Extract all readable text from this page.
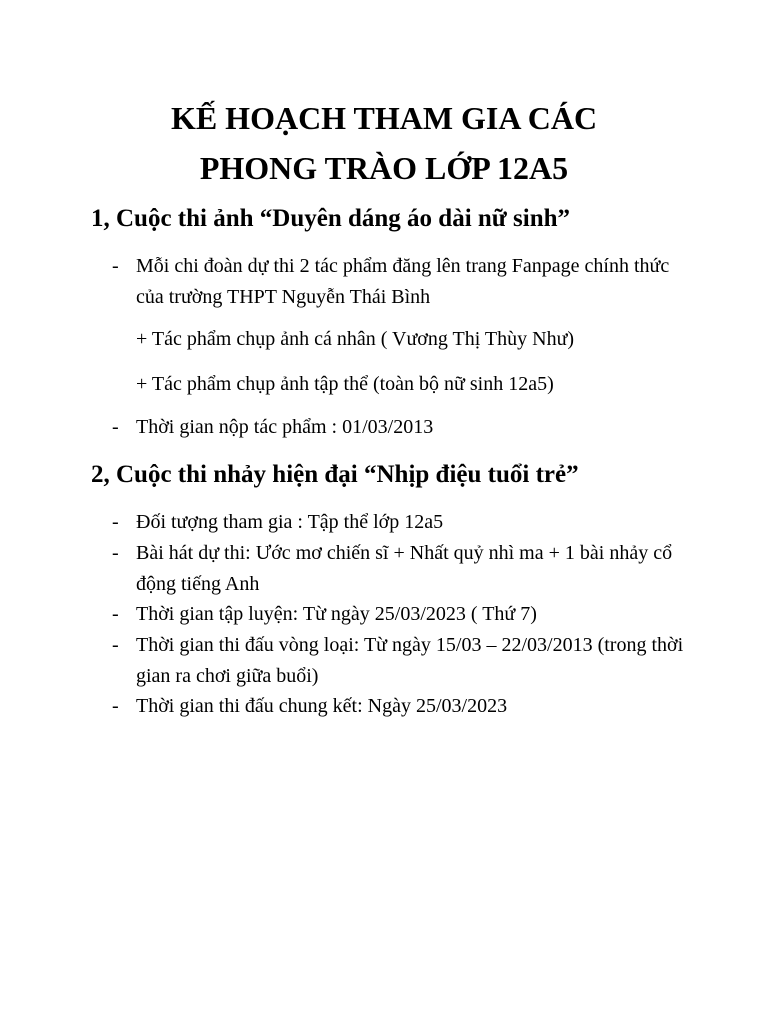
KẾ HOẠCH THAM GIA CÁC
PHONG TRÀO LỚP 12A5
1, Cuộc thi ảnh “Duyên dáng áo dài nữ sinh”
- Mỗi chi đoàn dự thi 2 tác phẩm đăng lên trang Fanpage chính thức của trường THPT Nguyễn Thái Bình
+ Tác phẩm chụp ảnh cá nhân ( Vương Thị Thùy Như)
+ Tác phẩm chụp ảnh tập thể (toàn bộ nữ sinh 12a5)
- Thời gian nộp tác phẩm : 01/03/2013
2, Cuộc thi nhảy hiện đại “Nhịp điệu tuổi trẻ”
- Đối tượng tham gia : Tập thể lớp 12a5
- Bài hát dự thi: Ước mơ chiến sĩ + Nhất quỷ nhì ma + 1 bài nhảy cổ động tiếng Anh
- Thời gian tập luyện: Từ ngày 25/03/2023 ( Thứ 7)
- Thời gian thi đấu vòng loại: Từ ngày 15/03 – 22/03/2013 (trong thời gian ra chơi giữa buổi)
- Thời gian thi đấu chung kết: Ngày 25/03/2023
